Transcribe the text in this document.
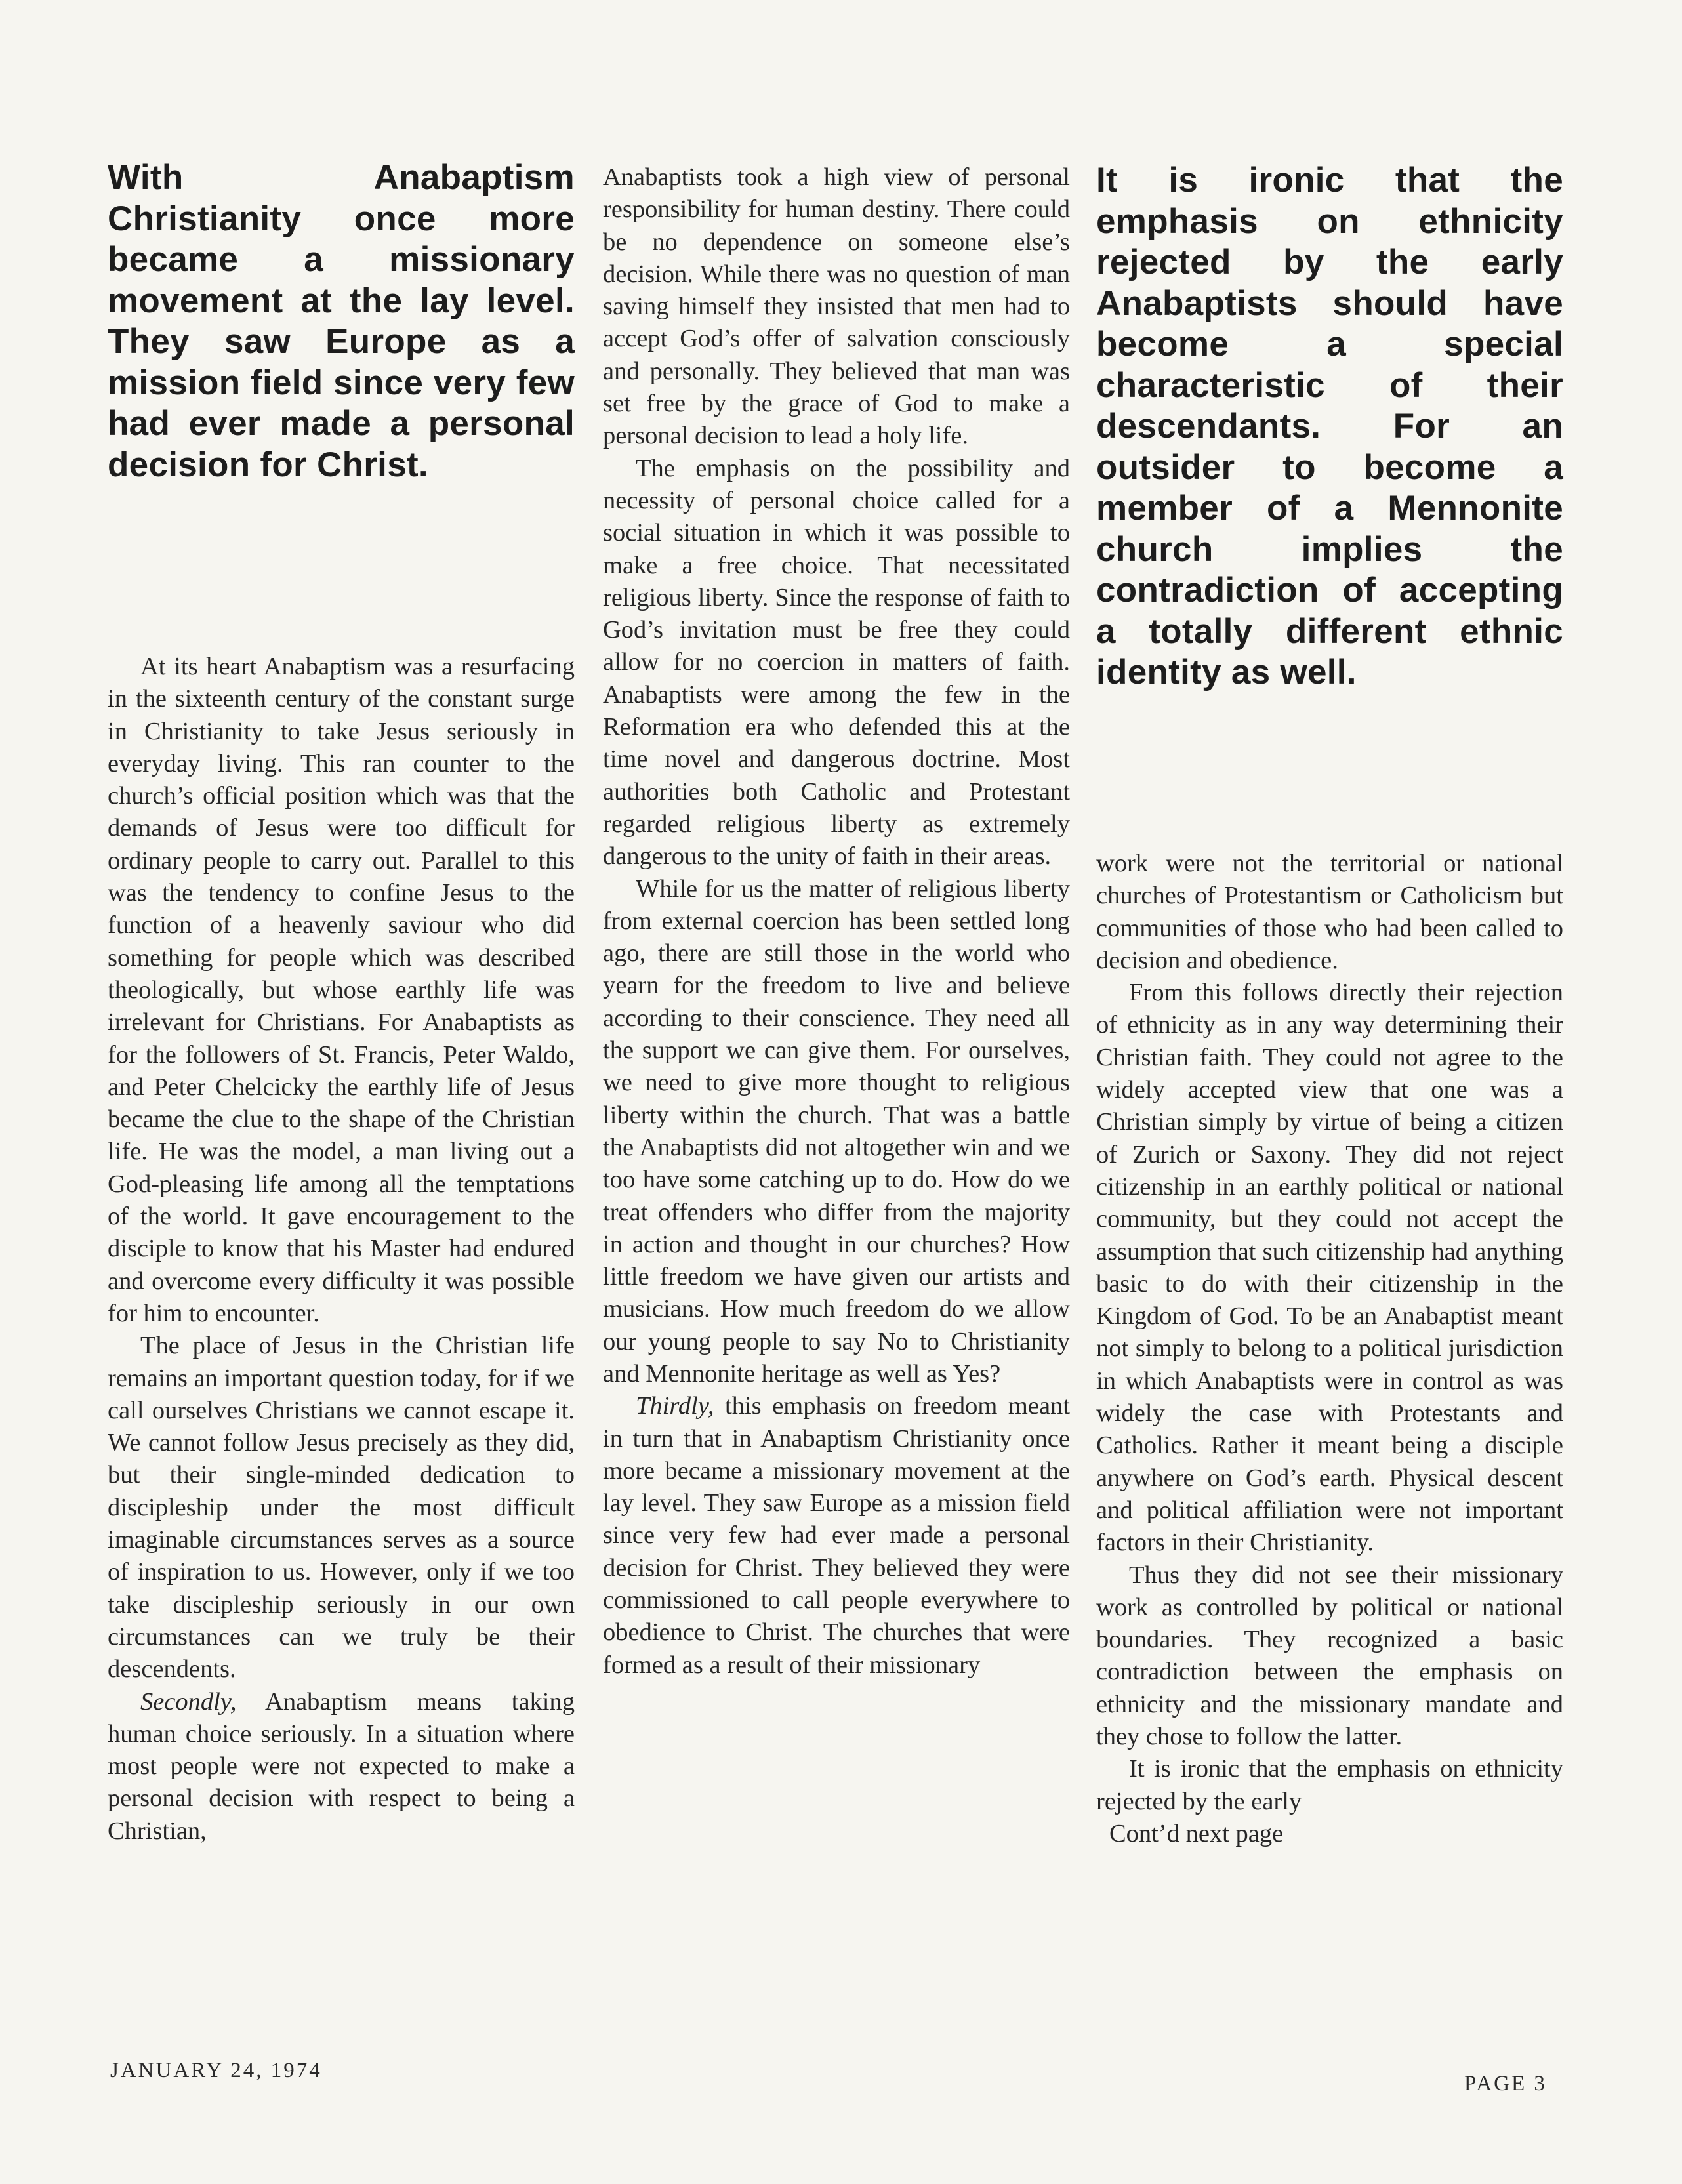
With Anabaptism Christianity once more became a missionary movement at the lay level. They saw Europe as a mission field since very few had ever made a personal decision for Christ.

It is ironic that the emphasis on ethnicity rejected by the early Anabaptists should have become a special characteristic of their descendants. For an outsider to become a member of a Mennonite church implies the contradiction of accepting a totally different ethnic identity as well.

At its heart Anabaptism was a resurfacing in the sixteenth century of the constant surge in Christianity to take Jesus seriously in everyday living. This ran counter to the church’s official position which was that the demands of Jesus were too difficult for ordinary people to carry out. Parallel to this was the tendency to confine Jesus to the function of a heavenly saviour who did something for people which was described theologically, but whose earthly life was irrelevant for Christians. For Anabaptists as for the followers of St. Francis, Peter Waldo, and Peter Chelcicky the earthly life of Jesus became the clue to the shape of the Christian life. He was the model, a man living out a God-pleasing life among all the temptations of the world. It gave encouragement to the disciple to know that his Master had endured and overcome every difficulty it was possible for him to encounter.

The place of Jesus in the Christian life remains an important question today, for if we call ourselves Christians we cannot escape it. We cannot follow Jesus precisely as they did, but their single-minded dedication to discipleship under the most difficult imaginable circumstances serves as a source of inspiration to us. However, only if we too take discipleship seriously in our own circumstances can we truly be their descendents.

Secondly, Anabaptism means taking human choice seriously. In a situation where most people were not expected to make a personal decision with respect to being a Christian,

Anabaptists took a high view of personal responsibility for human destiny. There could be no dependence on someone else’s decision. While there was no question of man saving himself they insisted that men had to accept God’s offer of salvation consciously and personally. They believed that man was set free by the grace of God to make a personal decision to lead a holy life.

The emphasis on the possibility and necessity of personal choice called for a social situation in which it was possible to make a free choice. That necessitated religious liberty. Since the response of faith to God’s invitation must be free they could allow for no coercion in matters of faith. Anabaptists were among the few in the Reformation era who defended this at the time novel and dangerous doctrine. Most authorities both Catholic and Protestant regarded religious liberty as extremely dangerous to the unity of faith in their areas.

While for us the matter of religious liberty from external coercion has been settled long ago, there are still those in the world who yearn for the freedom to live and believe according to their conscience. They need all the support we can give them. For ourselves, we need to give more thought to religious liberty within the church. That was a battle the Anabaptists did not altogether win and we too have some catching up to do. How do we treat offenders who differ from the majority in action and thought in our churches? How little freedom we have given our artists and musicians. How much freedom do we allow our young people to say No to Christianity and Mennonite heritage as well as Yes?

Thirdly, this emphasis on freedom meant in turn that in Anabaptism Christianity once more became a missionary movement at the lay level. They saw Europe as a mission field since very few had ever made a personal decision for Christ. They believed they were commissioned to call people everywhere to obedience to Christ. The churches that were formed as a result of their missionary

work were not the territorial or national churches of Protestantism or Catholicism but communities of those who had been called to decision and obedience.

From this follows directly their rejection of ethnicity as in any way determining their Christian faith. They could not agree to the widely accepted view that one was a Christian simply by virtue of being a citizen of Zurich or Saxony. They did not reject citizenship in an earthly political or national community, but they could not accept the assumption that such citizenship had anything basic to do with their citizenship in the Kingdom of God. To be an Anabaptist meant not simply to belong to a political jurisdiction in which Anabaptists were in control as was widely the case with Protestants and Catholics. Rather it meant being a disciple anywhere on God’s earth. Physical descent and political affiliation were not important factors in their Christianity.

Thus they did not see their missionary work as controlled by political or national boundaries. They recognized a basic contradiction between the emphasis on ethnicity and the missionary mandate and they chose to follow the latter.

It is ironic that the emphasis on ethnicity rejected by the early

Cont’d next page

JANUARY 24, 1974
PAGE 3
